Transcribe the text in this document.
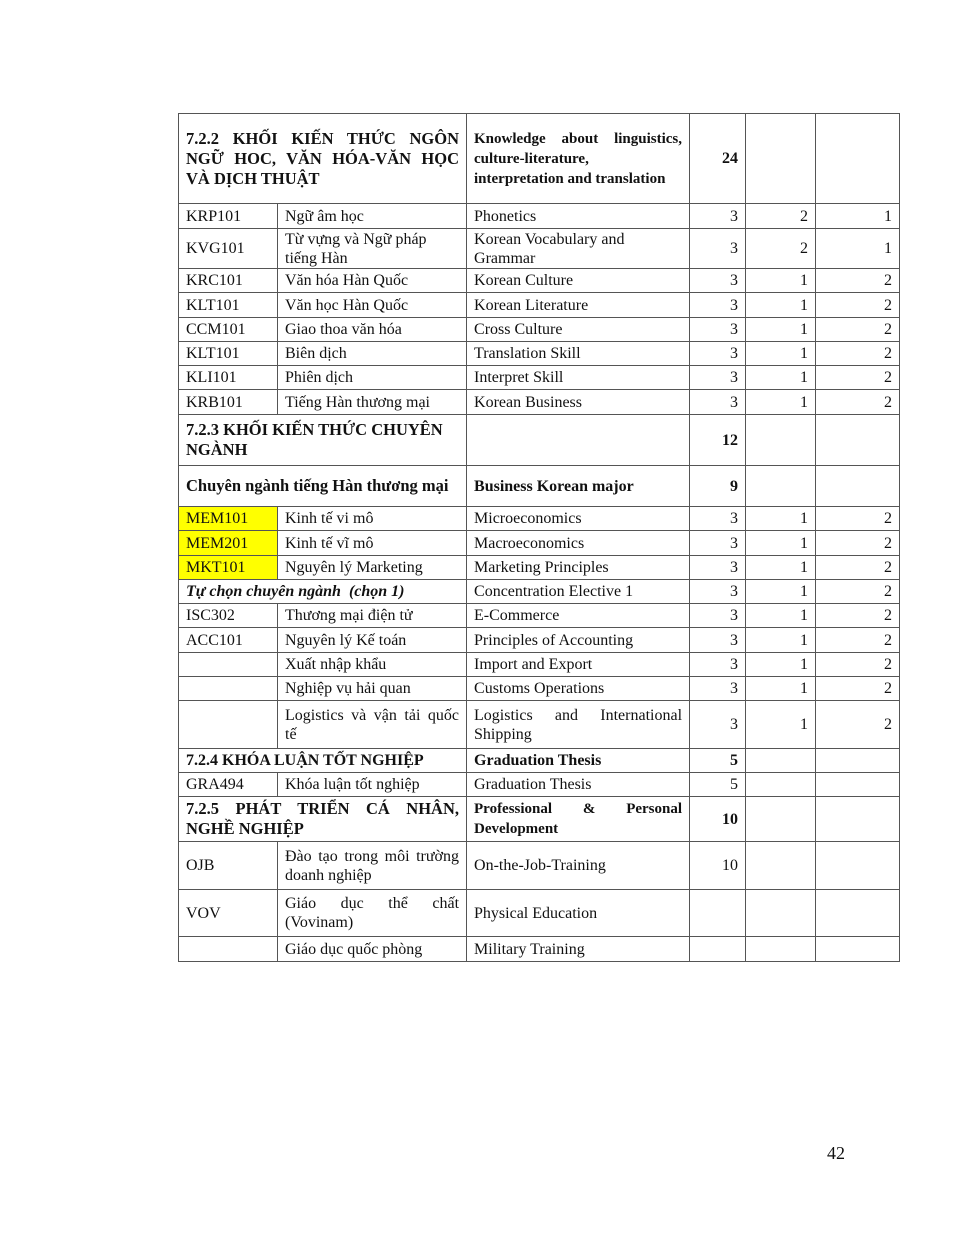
7.2.2 KHỐI KIẾN THỨC NGÔN NGỮ HOC, VĂN HÓA-VĂN HỌC VÀ DỊCH THUẬT		Knowledge about linguistics, culture-literature, interpretation and translation	24		
KRP101	Ngữ âm học	Phonetics	3	2	1
KVG101	Từ vựng và Ngữ pháp tiếng Hàn	Korean Vocabulary and Grammar	3	2	1
KRC101	Văn hóa Hàn Quốc	Korean Culture	3	1	2
KLT101	Văn học Hàn Quốc	Korean Literature	3	1	2
CCM101	Giao thoa văn hóa	Cross Culture	3	1	2
KLT101	Biên dịch	Translation Skill	3	1	2
KLI101	Phiên dịch	Interpret Skill	3	1	2
KRB101	Tiếng Hàn thương mại	Korean Business	3	1	2
7.2.3 KHỐI KIẾN THỨC CHUYÊN NGÀNH			12		
Chuyên ngành tiếng Hàn thương mại		Business Korean major	9		
MEM101	Kinh tế vi mô	Microeconomics	3	1	2
MEM201	Kinh tế vĩ mô	Macroeconomics	3	1	2
MKT101	Nguyên lý Marketing	Marketing Principles	3	1	2
Tự chọn chuyên ngành  (chọn 1)		Concentration Elective 1	3	1	2
ISC302	Thương mại điện tử	E-Commerce	3	1	2
ACC101	Nguyên lý Kế toán	Principles of Accounting	3	1	2
	Xuất nhập khẩu	Import and Export	3	1	2
	Nghiệp vụ hải quan	Customs Operations	3	1	2
	Logistics và vận tải quốc tế	Logistics and International Shipping	3	1	2
7.2.4 KHÓA LUẬN TỐT NGHIỆP		Graduation Thesis	5		
GRA494	Khóa luận tốt nghiệp	Graduation Thesis	5		
7.2.5 PHÁT TRIỂN CÁ NHÂN, NGHỀ NGHIỆP		Professional & Personal Development	10		
OJB	Đào tạo trong môi trường doanh nghiệp	On-the-Job-Training	10		
VOV	Giáo dục thể chất (Vovinam)	Physical Education			
	Giáo dục quốc phòng	Military Training			
42
